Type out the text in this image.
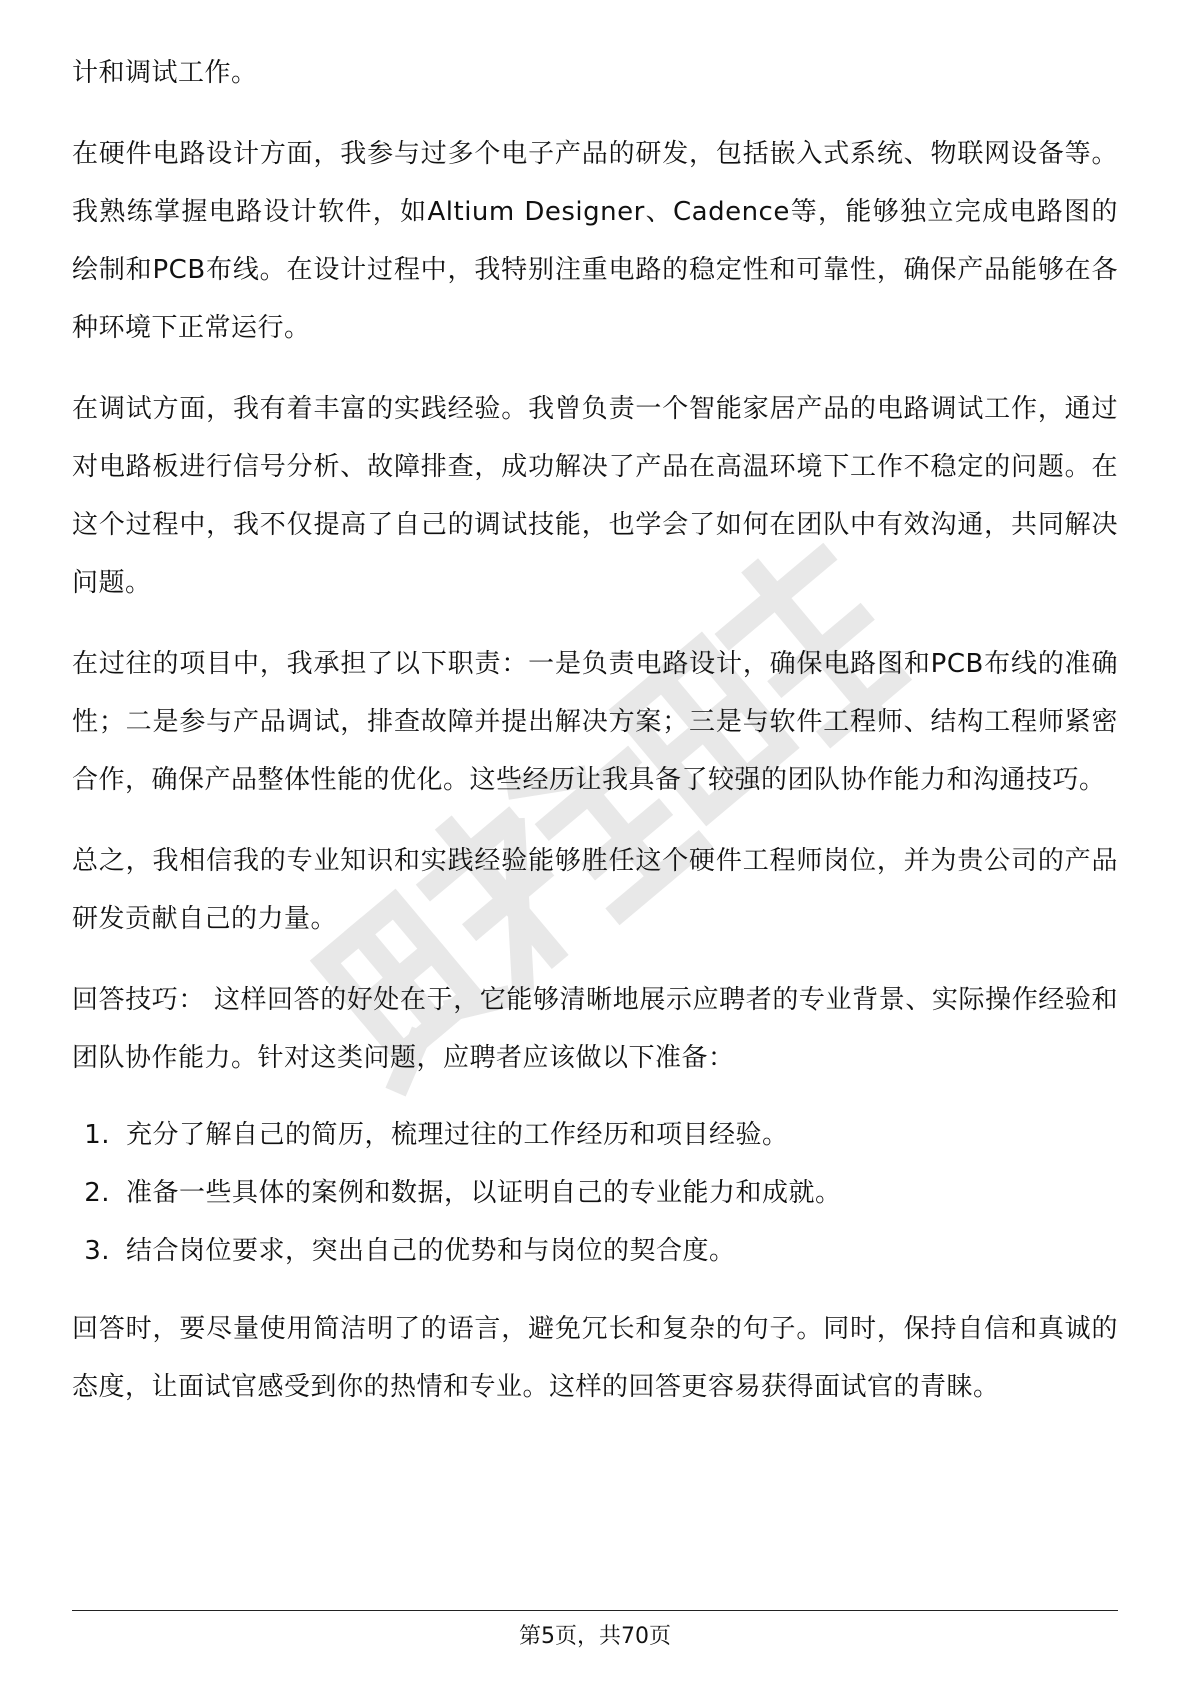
计和调试工作。

在硬件电路设计方面，我参与过多个电子产品的研发，包括嵌入式系统、物联网设备等。我熟练掌握电路设计软件，如Altium Designer、Cadence等，能够独立完成电路图的绘制和PCB布线。在设计过程中，我特别注重电路的稳定性和可靠性，确保产品能够在各种环境下正常运行。

在调试方面，我有着丰富的实践经验。我曾负责一个智能家居产品的电路调试工作，通过对电路板进行信号分析、故障排查，成功解决了产品在高温环境下工作不稳定的问题。在这个过程中，我不仅提高了自己的调试技能，也学会了如何在团队中有效沟通，共同解决问题。

在过往的项目中，我承担了以下职责：一是负责电路设计，确保电路图和PCB布线的准确性；二是参与产品调试，排查故障并提出解决方案；三是与软件工程师、结构工程师紧密合作，确保产品整体性能的优化。这些经历让我具备了较强的团队协作能力和沟通技巧。

总之，我相信我的专业知识和实践经验能够胜任这个硬件工程师岗位，并为贵公司的产品研发贡献自己的力量。

回答技巧： 这样回答的好处在于，它能够清晰地展示应聘者的专业背景、实际操作经验和团队协作能力。针对这类问题，应聘者应该做以下准备：

1. 充分了解自己的简历，梳理过往的工作经历和项目经验。
2. 准备一些具体的案例和数据，以证明自己的专业能力和成就。
3. 结合岗位要求，突出自己的优势和与岗位的契合度。

回答时，要尽量使用简洁明了的语言，避免冗长和复杂的句子。同时，保持自信和真诚的态度，让面试官感受到你的热情和专业。这样的回答更容易获得面试官的青睐。

第5页，共70页
